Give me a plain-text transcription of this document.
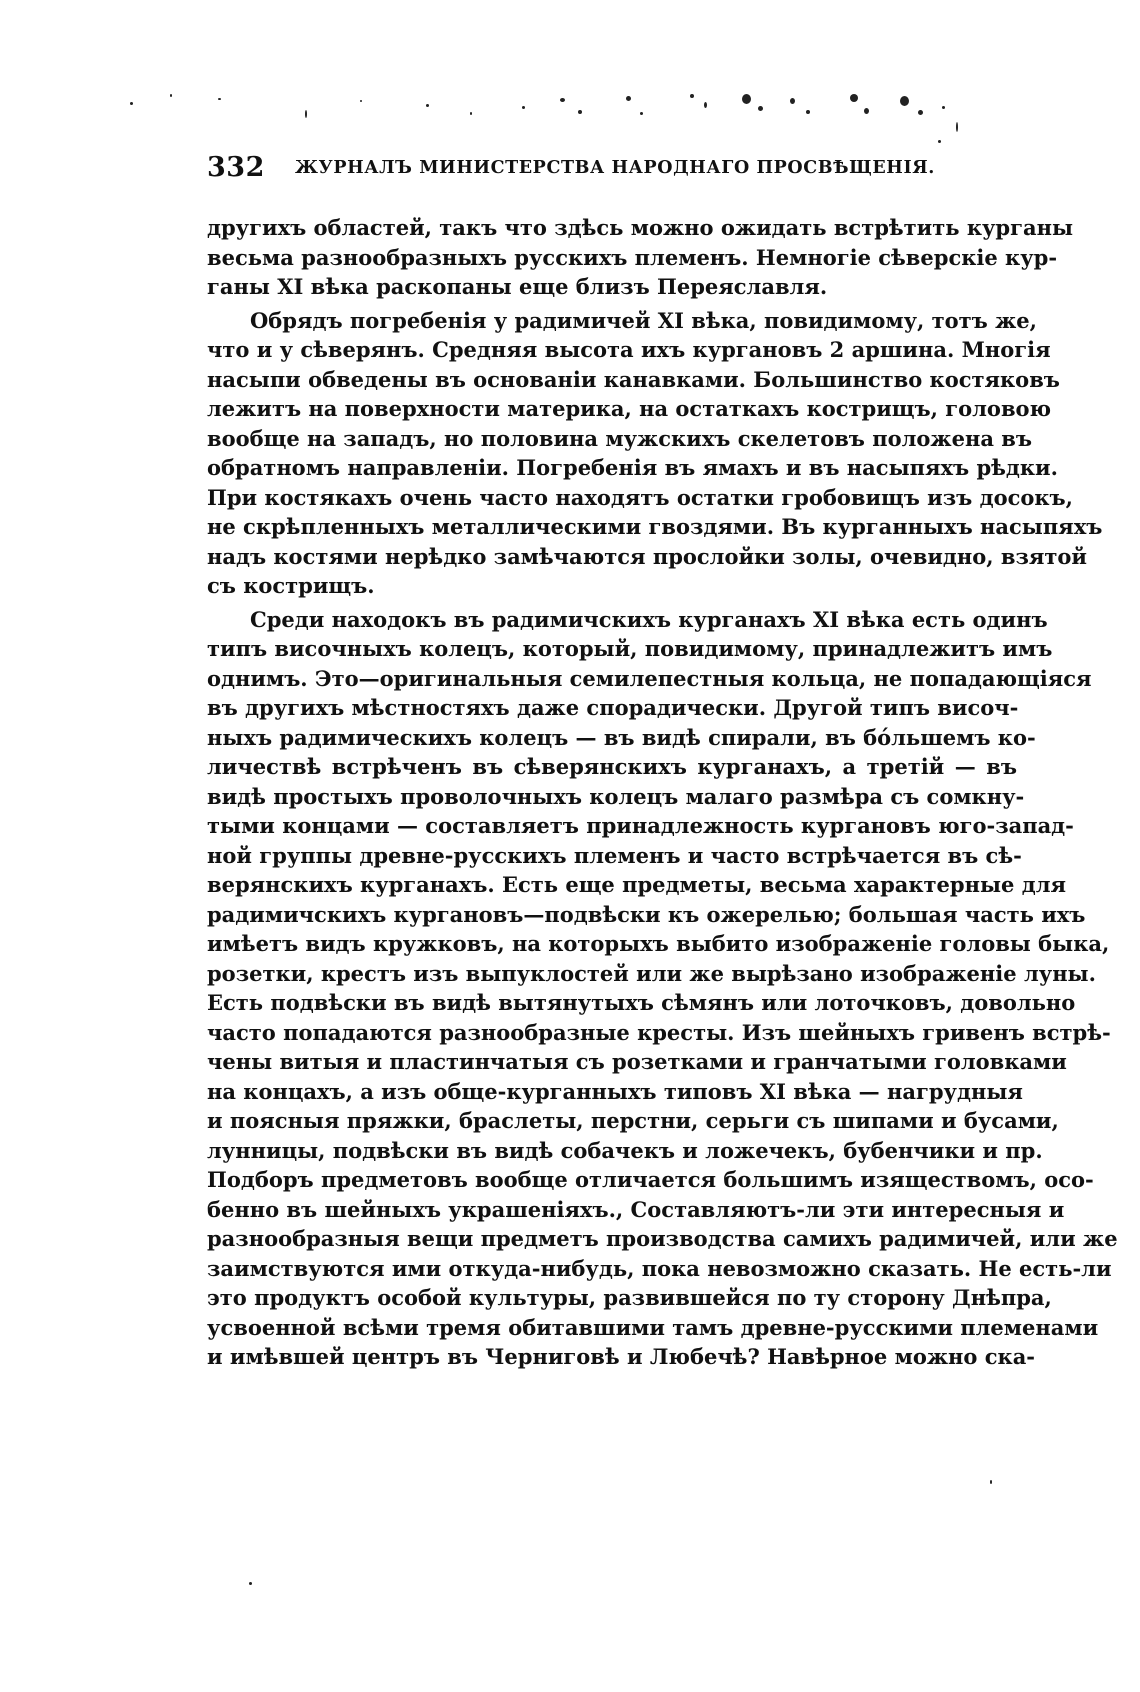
332 ЖУРНАЛЪ МИНИСТЕРСТВА НАРОДНАГО ПРОСВѢЩЕНІЯ.
другихъ областей, такъ что здѣсь можно ожидать встрѣтить курганы
весьма разнообразныхъ русскихъ племенъ. Немногіе сѣверскіе кур-
ганы XI вѣка раскопаны еще близъ Переяславля.
Обрядъ погребенія у радимичей XI вѣка, повидимому, тотъ же,
что и у сѣверянъ. Средняя высота ихъ кургановъ 2 аршина. Многія
насыпи обведены въ основаніи канавками. Большинство костяковъ
лежитъ на поверхности материка, на остаткахъ кострищъ, головою
вообще на западъ, но половина мужскихъ скелетовъ положена въ
обратномъ направленіи. Погребенія въ ямахъ и въ насыпяхъ рѣдки.
При костякахъ очень часто находятъ остатки гробовищъ изъ досокъ,
не скрѣпленныхъ металлическими гвоздями. Въ курганныхъ насыпяхъ
надъ костями нерѣдко замѣчаются прослойки золы, очевидно, взятой
съ кострищъ.
Среди находокъ въ радимичскихъ курганахъ XI вѣка есть одинъ
типъ височныхъ колецъ, который, повидимому, принадлежитъ имъ
однимъ. Это—оригинальныя семилепестныя кольца, не попадающіяся
въ другихъ мѣстностяхъ даже спорадически. Другой типъ височ-
ныхъ радимическихъ колецъ — въ видѣ спирали, въ бо́льшемъ ко-
личествѣ встрѣченъ въ сѣверянскихъ курганахъ, а третій — въ
видѣ простыхъ проволочныхъ колецъ малаго размѣра съ сомкну-
тыми концами — составляетъ принадлежность кургановъ юго-запад-
ной группы древне-русскихъ племенъ и часто встрѣчается въ сѣ-
верянскихъ курганахъ. Есть еще предметы, весьма характерные для
радимичскихъ кургановъ—подвѣски къ ожерелью; большая часть ихъ
имѣетъ видъ кружковъ, на которыхъ выбито изображеніе головы быка,
розетки, крестъ изъ выпуклостей или же вырѣзано изображеніе луны.
Есть подвѣски въ видѣ вытянутыхъ сѣмянъ или лоточковъ, довольно
часто попадаются разнообразные кресты. Изъ шейныхъ гривенъ встрѣ-
чены витыя и пластинчатыя съ розетками и гранчатыми головками
на концахъ, а изъ обще-курганныхъ типовъ XI вѣка — нагрудныя
и поясныя пряжки, браслеты, перстни, серьги съ шипами и бусами,
лунницы, подвѣски въ видѣ собачекъ и ложечекъ, бубенчики и пр.
Подборъ предметовъ вообще отличается большимъ изяществомъ, осо-
бенно въ шейныхъ украшеніяхъ., Составляютъ-ли эти интересныя и
разнообразныя вещи предметъ производства самихъ радимичей, или же
заимствуются ими откуда-нибудь, пока невозможно сказать. Не есть-ли
это продуктъ особой культуры, развившейся по ту сторону Днѣпра,
усвоенной всѣми тремя обитавшими тамъ древне-русскими племенами
и имѣвшей центръ въ Черниговѣ и Любечѣ? Навѣрное можно ска-
